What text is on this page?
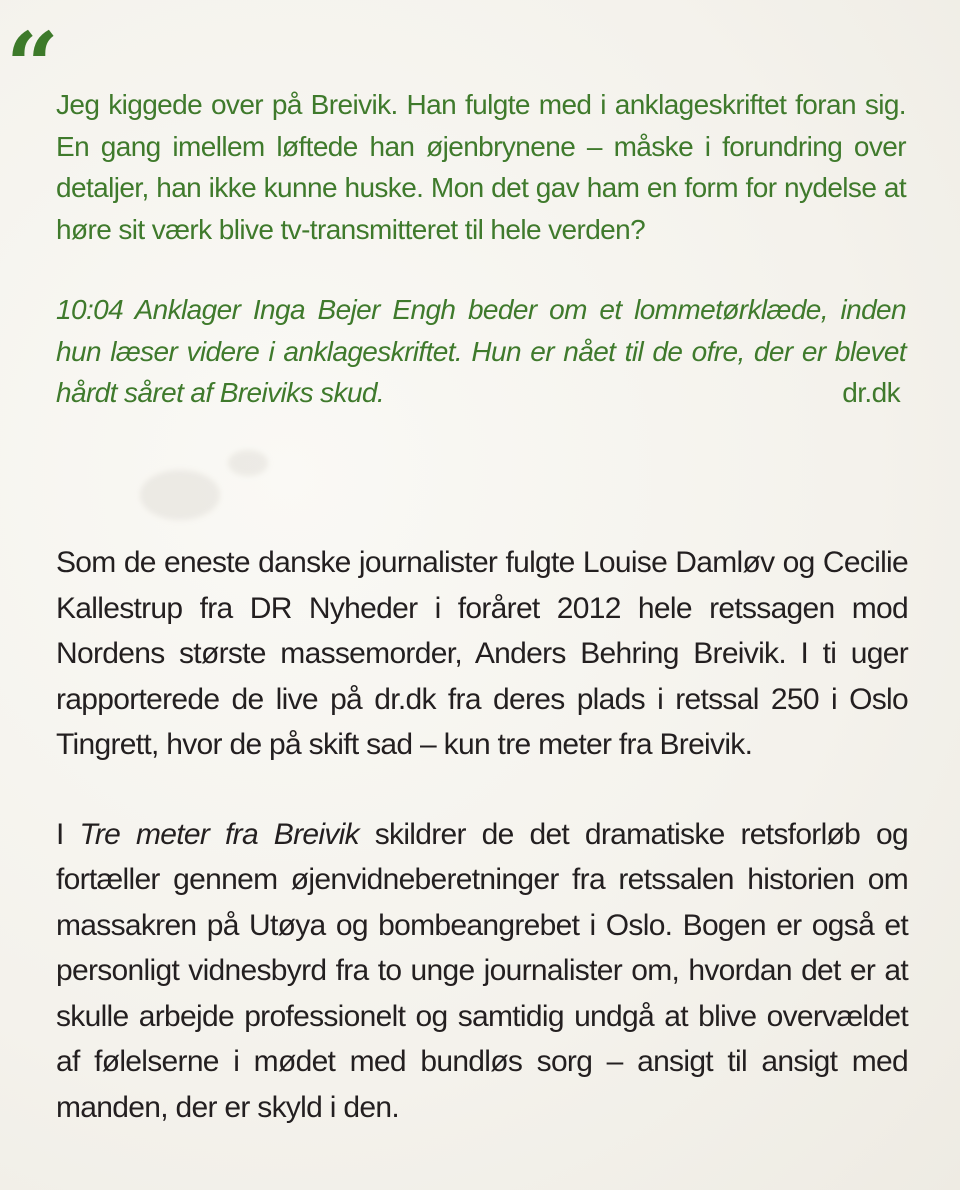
“

Jeg kiggede over på Breivik. Han fulgte med i anklageskriftet foran sig. En gang imellem løftede han øjenbrynene – måske i forundring over detaljer, han ikke kunne huske. Mon det gav ham en form for nydelse at høre sit værk blive tv-transmitteret til hele verden?

10:04 Anklager Inga Bejer Engh beder om et lommetørklæde, inden hun læser videre i anklageskriftet. Hun er nået til de ofre, der er blevet hårdt såret af Breiviks skud.	dr.dk

Som de eneste danske journalister fulgte Louise Damløv og Cecilie Kallestrup fra DR Nyheder i foråret 2012 hele retssagen mod Nordens største massemorder, Anders Behring Breivik. I ti uger rapporterede de live på dr.dk fra deres plads i retssal 250 i Oslo Tingrett, hvor de på skift sad – kun tre meter fra Breivik.

I Tre meter fra Breivik skildrer de det dramatiske retsforløb og fortæller gennem øjenvidneberetninger fra retssalen historien om massakren på Utøya og bombeangrebet i Oslo. Bogen er også et personligt vidnesbyrd fra to unge journalister om, hvordan det er at skulle arbejde professionelt og samtidig undgå at blive overvældet af følelserne i mødet med bundløs sorg – ansigt til ansigt med manden, der er skyld i den.
